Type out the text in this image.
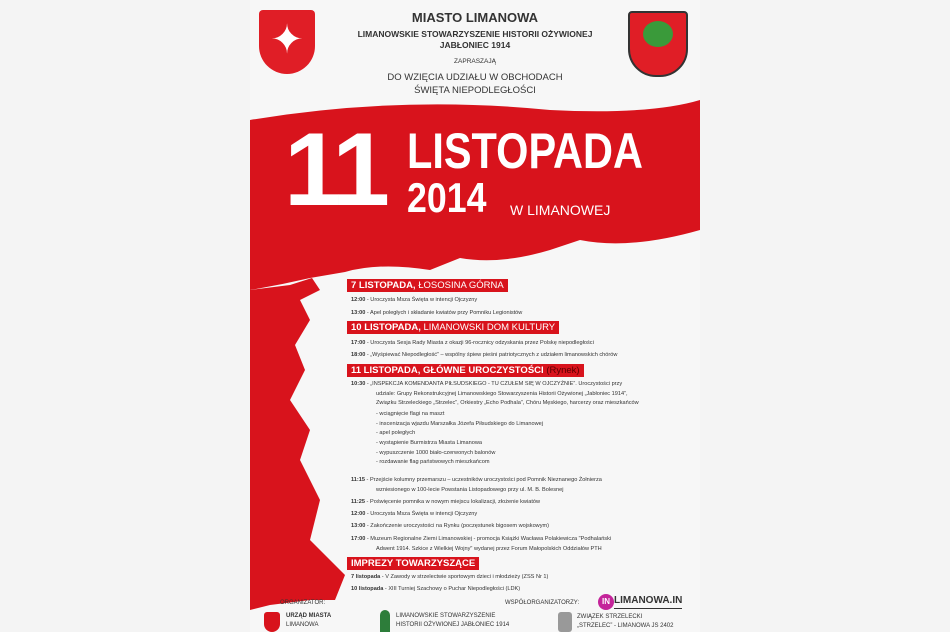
✦
MIASTO LIMANOWA
LIMANOWSKIE STOWARZYSZENIE HISTORII OŻYWIONEJ
JABŁONIEC 1914
ZAPRASZAJĄ
DO WZIĘCIA UDZIAŁU W OBCHODACH
ŚWIĘTA NIEPODLEGŁOŚCI
11 LISTOPADA
2014 W LIMANOWEJ
7 LISTOPADA, ŁOSOSINA GÓRNA
12:00 - Uroczysta Msza Święta w intencji Ojczyzny
13:00 - Apel poległych i składanie kwiatów przy Pomniku Legionistów
10 LISTOPADA, LIMANOWSKI DOM KULTURY
17:00 - Uroczysta Sesja Rady Miasta z okazji 96-rocznicy odzyskania przez Polskę niepodległości
18:00 - „Wyśpiewać Niepodległość” – wspólny śpiew pieśni patriotycznych z udziałem limanowskich chórów
11 LISTOPADA, GŁÓWNE UROCZYSTOŚCI (Rynek)
10:30 - „INSPEKCJA KOMENDANTA PIŁSUDSKIEGO - TU CZUŁEM SIĘ W OJCZYŹNIE”. Uroczystości przy
udziale: Grupy Rekonstrukcyjnej Limanowskiego Stowarzyszenia Historii Ożywionej „Jabłoniec 1914”,
Związku Strzeleckiego „Strzelec”, Orkiestry „Echo Podhala”, Chóru Męskiego, harcerzy oraz mieszkańców
- wciągnięcie flagi na maszt
- inscenizacja wjazdu Marszałka Józefa Piłsudskiego do Limanowej
- apel poległych
- wystąpienie Burmistrza Miasta Limanowa
- wypuszczenie 1000 biało-czerwonych balonów
- rozdawanie flag państwowych mieszkańcom
11:15 - Przejście kolumny przemarszu – uczestników uroczystości pod Pomnik Nieznanego Żołnierza
wzniesionego w 100-lecie Powstania Listopadowego przy ul. M. B. Bolesnej
11:25 - Poświęcenie pomnika w nowym miejscu lokalizacji, złożenie kwiatów
12:00 - Uroczysta Msza Święta w intencji Ojczyzny
13:00 - Zakończenie uroczystości na Rynku (poczęstunek bigosem wojskowym)
17:00 - Muzeum Regionalne Ziemi Limanowskiej - promocja Książki Wacława Polakiewicza "Podhalański
Adwent 1914. Szkice z Wielkiej Wojny" wydanej przez Forum Małopolskich Oddziałów PTH
IMPREZY TOWARZYSZĄCE
7 listopada - V Zawody w strzelectwie sportowym dzieci i młodzieży (ZSS Nr 1)
10 listopada - XIII Turniej Szachowy o Puchar Niepodległości (LDK)
ORGANIZATOR:
URZĄD MIASTA
LIMANOWA
LIMANOWSKIE STOWARZYSZENIE
HISTORII OŻYWIONEJ JABŁONIEC 1914
WSPÓŁORGANIZATORZY:
ZWIĄZEK STRZELECKI
„STRZELEC” - LIMANOWA JS 2402
IN LIMANOWA.IN
